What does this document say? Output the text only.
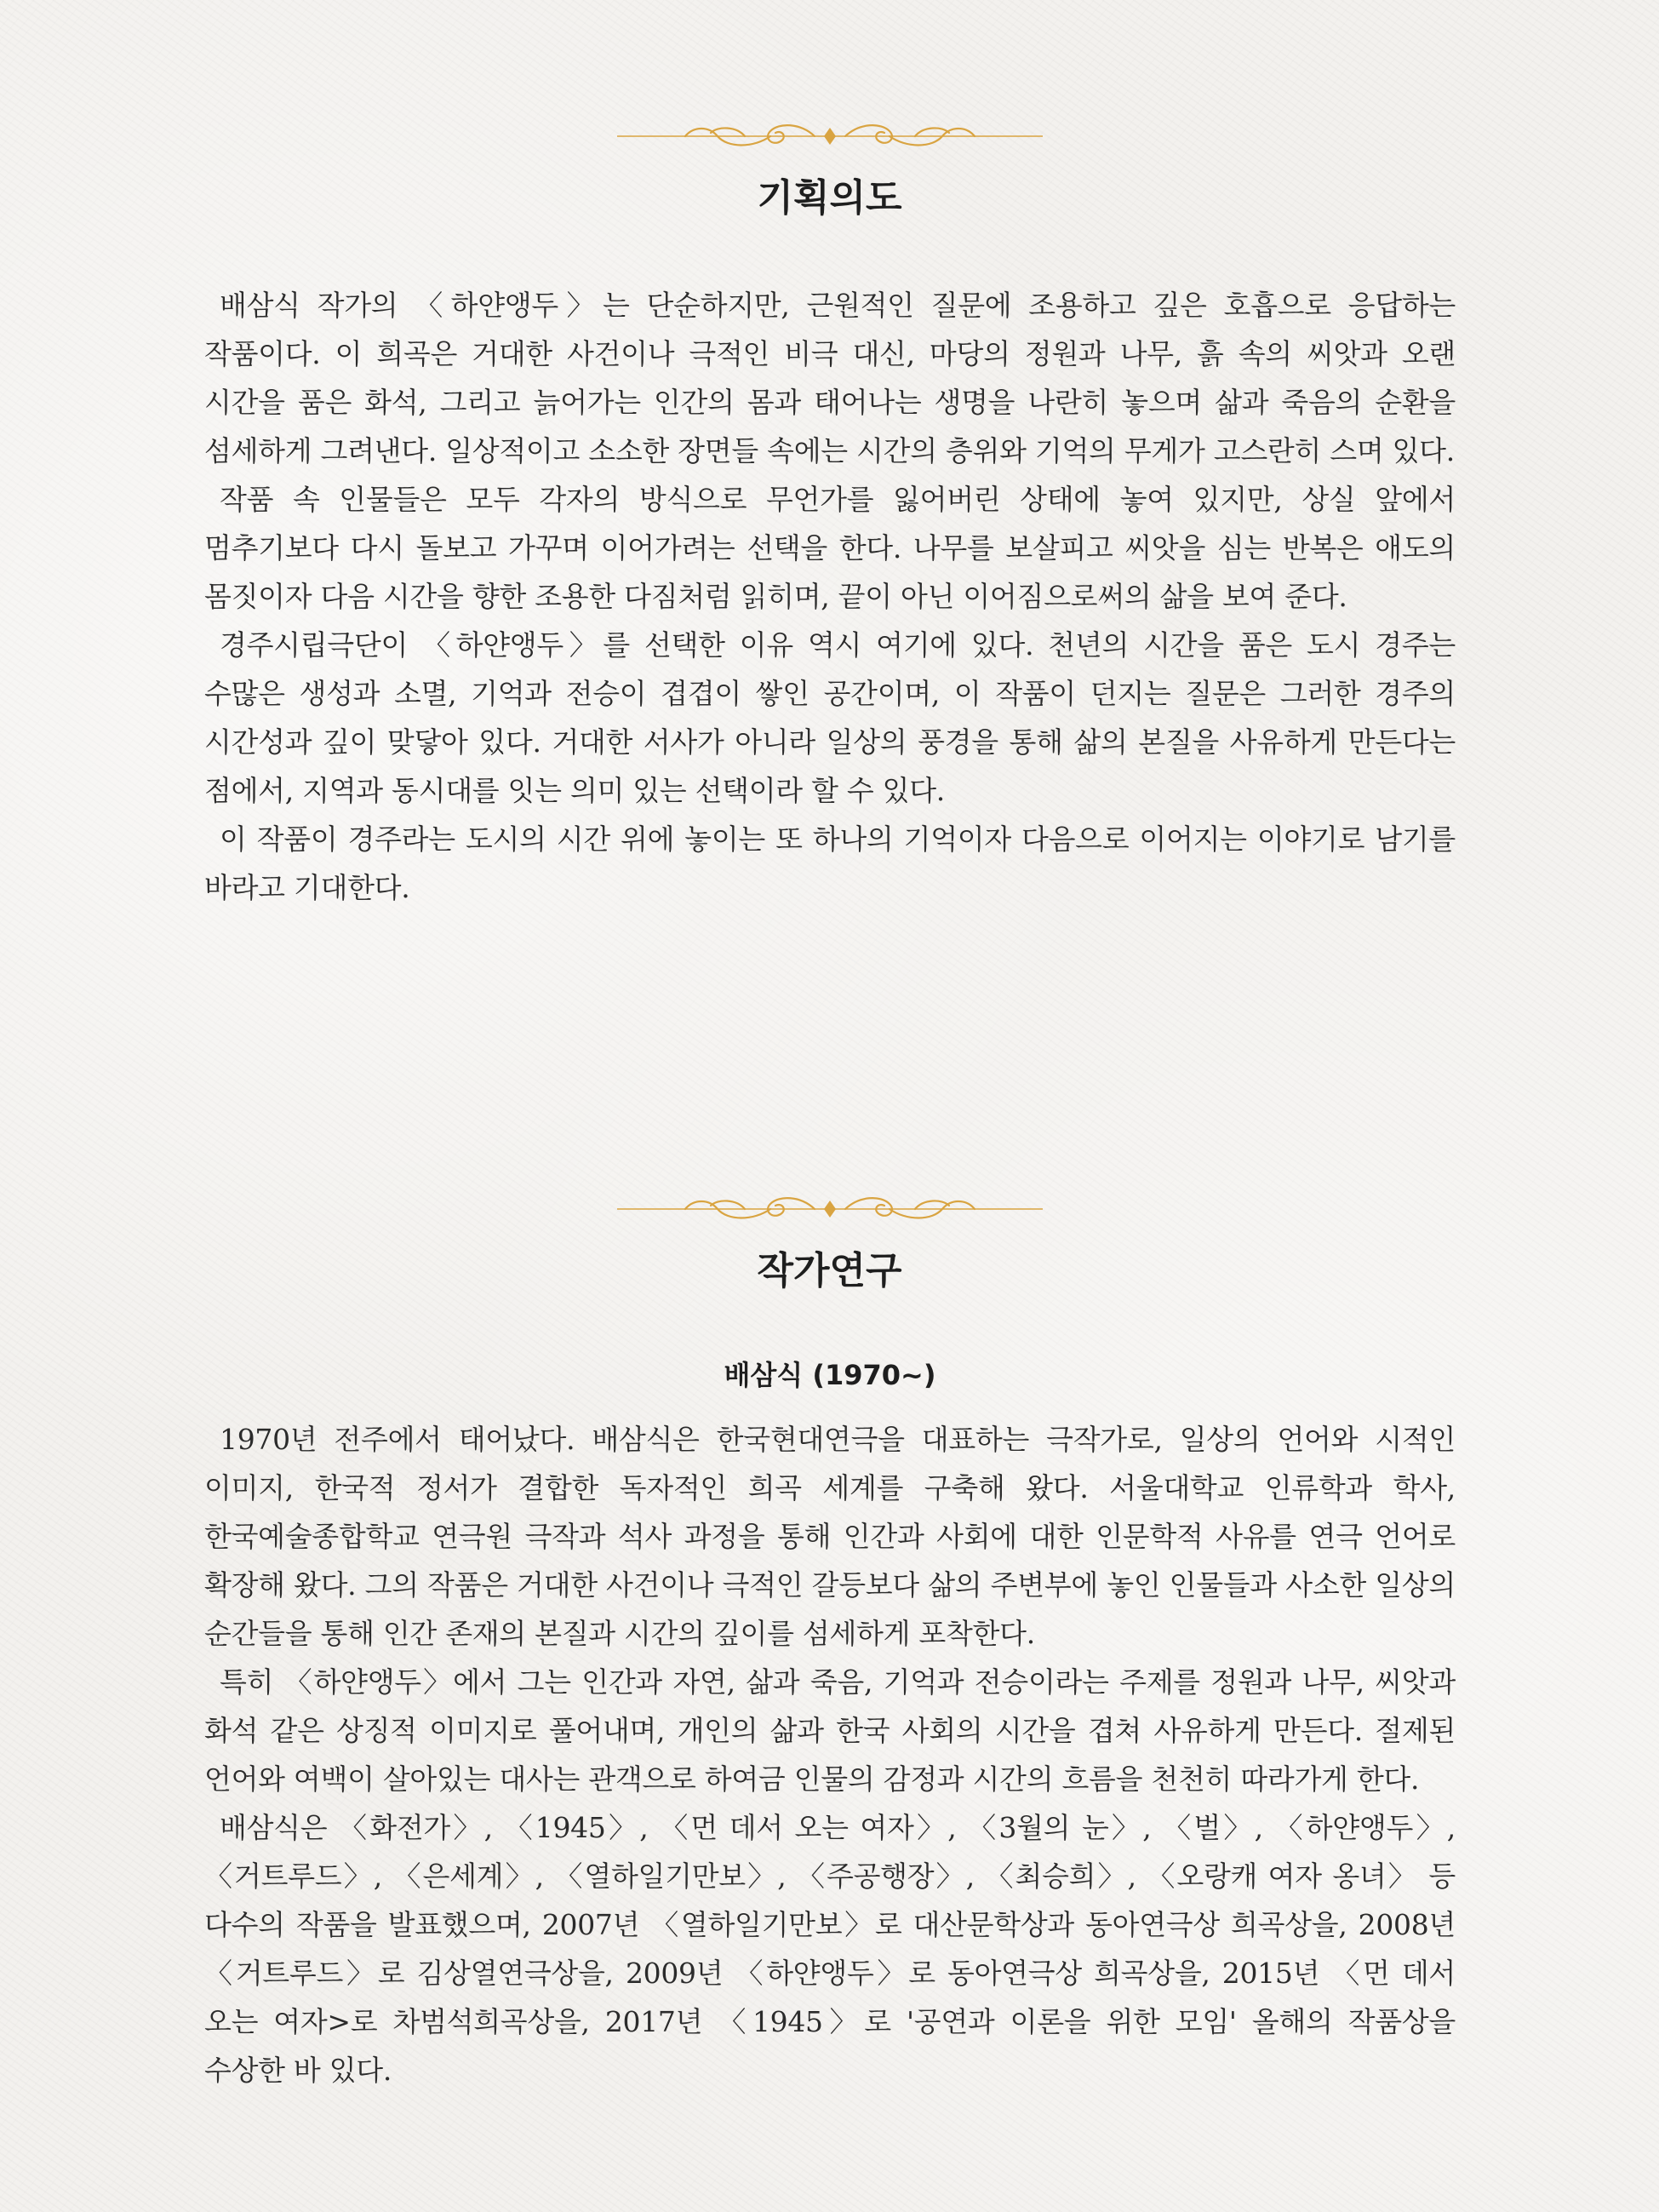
기획의도

배삼식 작가의 〈하얀앵두〉는 단순하지만, 근원적인 질문에 조용하고 깊은 호흡으로 응답하는 작품이다. 이 희곡은 거대한 사건이나 극적인 비극 대신, 마당의 정원과 나무, 흙 속의 씨앗과 오랜 시간을 품은 화석, 그리고 늙어가는 인간의 몸과 태어나는 생명을 나란히 놓으며 삶과 죽음의 순환을 섬세하게 그려낸다. 일상적이고 소소한 장면들 속에는 시간의 층위와 기억의 무게가 고스란히 스며 있다.

작품 속 인물들은 모두 각자의 방식으로 무언가를 잃어버린 상태에 놓여 있지만, 상실 앞에서 멈추기보다 다시 돌보고 가꾸며 이어가려는 선택을 한다. 나무를 보살피고 씨앗을 심는 반복은 애도의 몸짓이자 다음 시간을 향한 조용한 다짐처럼 읽히며, 끝이 아닌 이어짐으로써의 삶을 보여 준다.

경주시립극단이 〈하얀앵두〉를 선택한 이유 역시 여기에 있다. 천년의 시간을 품은 도시 경주는 수많은 생성과 소멸, 기억과 전승이 겹겹이 쌓인 공간이며, 이 작품이 던지는 질문은 그러한 경주의 시간성과 깊이 맞닿아 있다. 거대한 서사가 아니라 일상의 풍경을 통해 삶의 본질을 사유하게 만든다는 점에서, 지역과 동시대를 잇는 의미 있는 선택이라 할 수 있다.

이 작품이 경주라는 도시의 시간 위에 놓이는 또 하나의 기억이자 다음으로 이어지는 이야기로 남기를 바라고 기대한다.

작가연구
배삼식 (1970~)

1970년 전주에서 태어났다. 배삼식은 한국현대연극을 대표하는 극작가로, 일상의 언어와 시적인 이미지, 한국적 정서가 결합한 독자적인 희곡 세계를 구축해 왔다. 서울대학교 인류학과 학사, 한국예술종합학교 연극원 극작과 석사 과정을 통해 인간과 사회에 대한 인문학적 사유를 연극 언어로 확장해 왔다. 그의 작품은 거대한 사건이나 극적인 갈등보다 삶의 주변부에 놓인 인물들과 사소한 일상의 순간들을 통해 인간 존재의 본질과 시간의 깊이를 섬세하게 포착한다.

특히 〈하얀앵두〉에서 그는 인간과 자연, 삶과 죽음, 기억과 전승이라는 주제를 정원과 나무, 씨앗과 화석 같은 상징적 이미지로 풀어내며, 개인의 삶과 한국 사회의 시간을 겹쳐 사유하게 만든다. 절제된 언어와 여백이 살아있는 대사는 관객으로 하여금 인물의 감정과 시간의 흐름을 천천히 따라가게 한다.

배삼식은 〈화전가〉, 〈1945〉, 〈먼 데서 오는 여자〉, 〈3월의 눈〉, 〈벌〉, 〈하얀앵두〉, 〈거트루드〉, 〈은세계〉, 〈열하일기만보〉, 〈주공행장〉, 〈최승희〉, 〈오랑캐 여자 옹녀〉 등 다수의 작품을 발표했으며, 2007년 〈열하일기만보〉로 대산문학상과 동아연극상 희곡상을, 2008년 〈거트루드〉로 김상열연극상을, 2009년 〈하얀앵두〉로 동아연극상 희곡상을, 2015년 〈먼 데서 오는 여자>로 차범석희곡상을, 2017년 〈1945〉로 '공연과 이론을 위한 모임' 올해의 작품상을 수상한 바 있다.
